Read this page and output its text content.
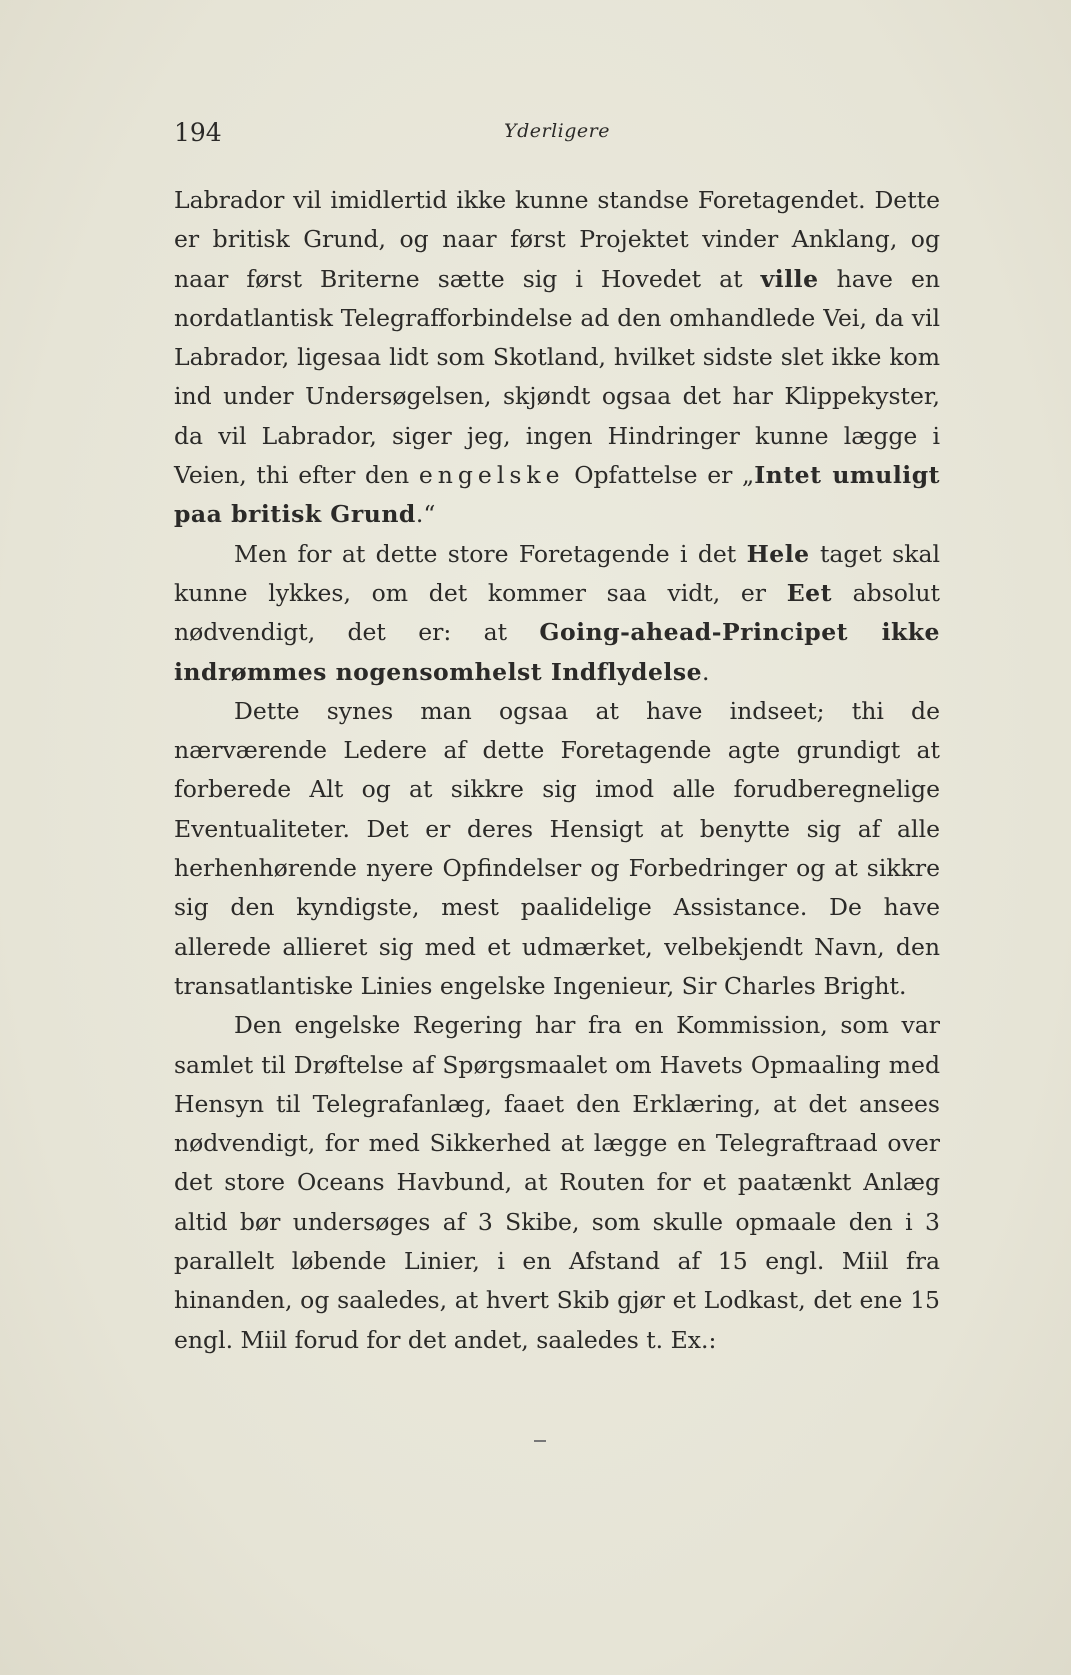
194	Yderligere

Labrador vil imidlertid ikke kunne standse Foretagendet. Dette er britisk Grund, og naar først Projektet vinder Anklang, og naar først Briterne sætte sig i Hovedet at ville have en nordatlantisk Telegrafforbindelse ad den omhandlede Vei, da vil Labrador, ligesaa lidt som Skotland, hvilket sidste slet ikke kom ind under Undersøgelsen, skjøndt ogsaa det har Klippekyster, da vil Labrador, siger jeg, ingen Hindringer kunne lægge i Veien, thi efter den engelske Opfattelse er „Intet umuligt paa britisk Grund.“

Men for at dette store Foretagende i det Hele taget skal kunne lykkes, om det kommer saa vidt, er Eet absolut nødvendigt, det er: at Going-ahead-Principet ikke indrømmes nogensomhelst Indflydelse.

Dette synes man ogsaa at have indseet; thi de nærværende Ledere af dette Foretagende agte grundigt at forberede Alt og at sikkre sig imod alle forudberegnelige Eventualiteter. Det er deres Hensigt at benytte sig af alle herhenhørende nyere Opfindelser og Forbedringer og at sikkre sig den kyndigste, mest paalidelige Assistance. De have allerede allieret sig med et udmærket, velbekjendt Navn, den transatlantiske Linies engelske Ingenieur, Sir Charles Bright.

Den engelske Regering har fra en Kommission, som var samlet til Drøftelse af Spørgsmaalet om Havets Opmaaling med Hensyn til Telegrafanlæg, faaet den Erklæring, at det ansees nødvendigt, for med Sikkerhed at lægge en Telegraftraad over det store Oceans Havbund, at Routen for et paatænkt Anlæg altid bør undersøges af 3 Skibe, som skulle opmaale den i 3 parallelt løbende Linier, i en Afstand af 15 engl. Miil fra hinanden, og saaledes, at hvert Skib gjør et Lodkast, det ene 15 engl. Miil forud for det andet, saaledes t. Ex.:
